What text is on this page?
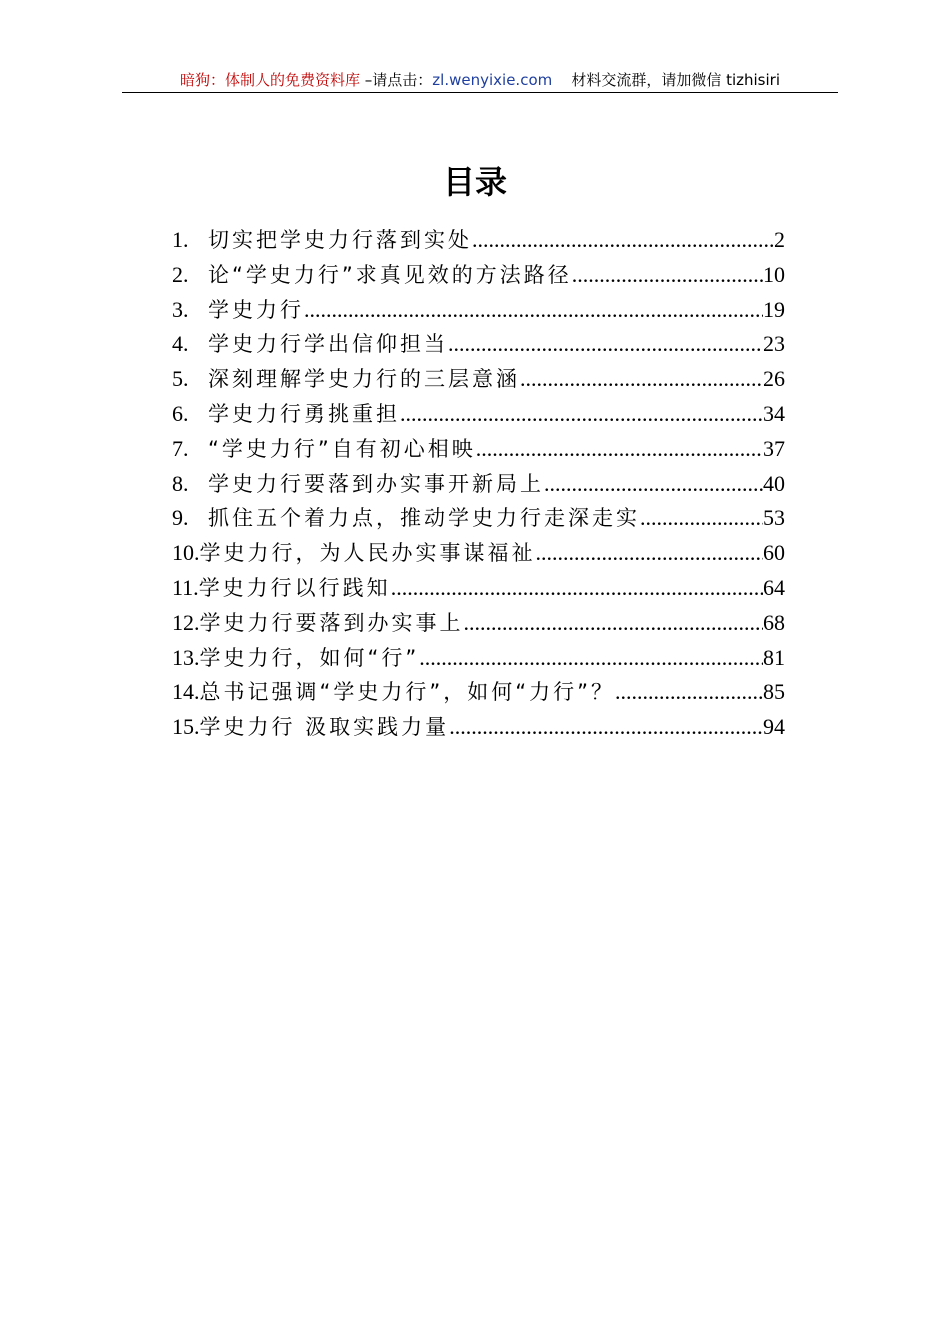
暗狗：体制人的免费资料库 –请点击：zl.wenyixie.com 材料交流群，请加微信 tizhisiri
目录
1. 切实把学史力行落到实处 .....	2
2. 论“学史力行”求真见效的方法路径 .....	10
3. 学史力行 .....	19
4. 学史力行学出信仰担当 .....	23
5. 深刻理解学史力行的三层意涵 .....	26
6. 学史力行勇挑重担 .....	34
7. “学史力行”自有初心相映 .....	37
8. 学史力行要落到办实事开新局上 .....	40
9. 抓住五个着力点，推动学史力行走深走实 .....	53
10. 学史力行，为人民办实事谋福祉 .....	60
11. 学史力行以行践知 .....	64
12. 学史力行要落到办实事上 .....	68
13. 学史力行，如何“行” .....	81
14. 总书记强调“学史力行”，如何“力行”？ .....	85
15. 学史力行 汲取实践力量 .....	94
